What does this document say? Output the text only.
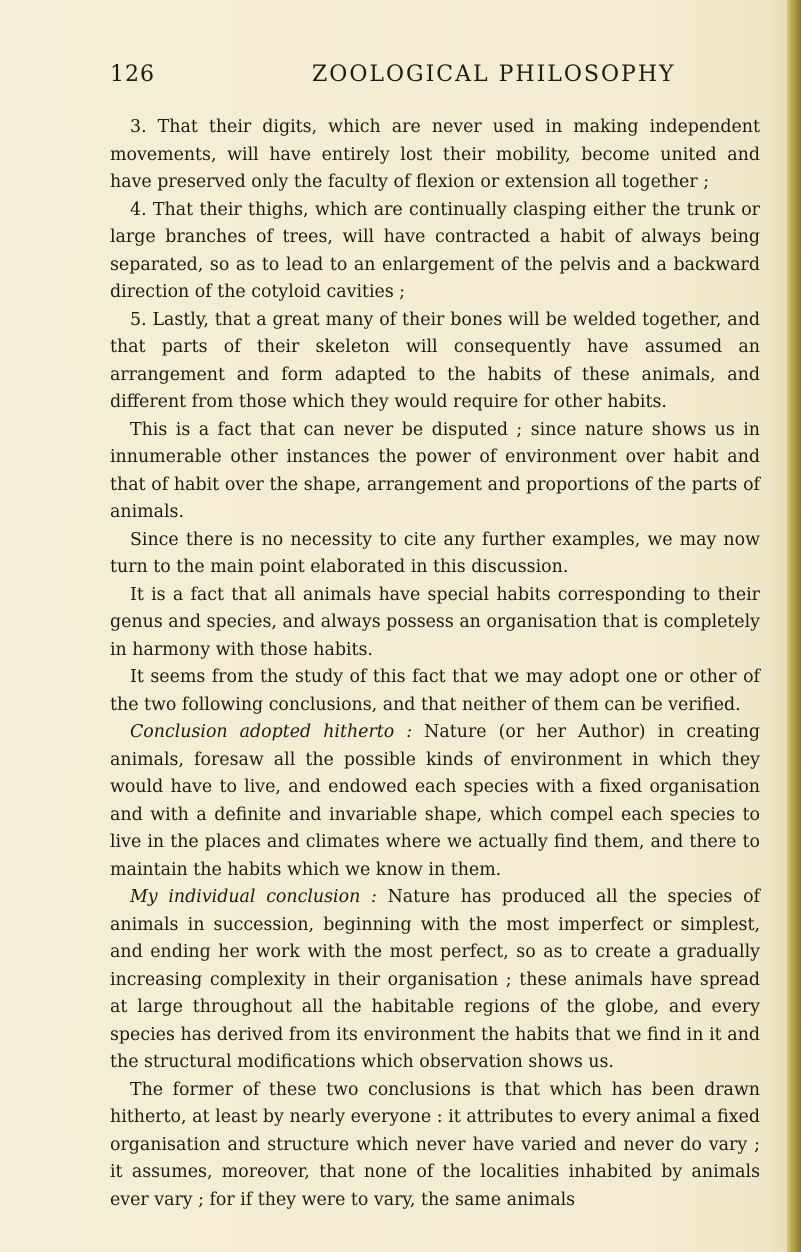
126	ZOOLOGICAL PHILOSOPHY

3. That their digits, which are never used in making independent movements, will have entirely lost their mobility, become united and have preserved only the faculty of flexion or extension all together ;

4. That their thighs, which are continually clasping either the trunk or large branches of trees, will have contracted a habit of always being separated, so as to lead to an enlargement of the pelvis and a backward direction of the cotyloid cavities ;

5. Lastly, that a great many of their bones will be welded together, and that parts of their skeleton will consequently have assumed an arrangement and form adapted to the habits of these animals, and different from those which they would require for other habits.

This is a fact that can never be disputed ; since nature shows us in innumerable other instances the power of environment over habit and that of habit over the shape, arrangement and proportions of the parts of animals.

Since there is no necessity to cite any further examples, we may now turn to the main point elaborated in this discussion.

It is a fact that all animals have special habits corresponding to their genus and species, and always possess an organisation that is completely in harmony with those habits.

It seems from the study of this fact that we may adopt one or other of the two following conclusions, and that neither of them can be verified.

Conclusion adopted hitherto : Nature (or her Author) in creating animals, foresaw all the possible kinds of environment in which they would have to live, and endowed each species with a fixed organisation and with a definite and invariable shape, which compel each species to live in the places and climates where we actually find them, and there to maintain the habits which we know in them.

My individual conclusion : Nature has produced all the species of animals in succession, beginning with the most imperfect or simplest, and ending her work with the most perfect, so as to create a gradually increasing complexity in their organisation ; these animals have spread at large throughout all the habitable regions of the globe, and every species has derived from its environment the habits that we find in it and the structural modifications which observation shows us.

The former of these two conclusions is that which has been drawn hitherto, at least by nearly everyone : it attributes to every animal a fixed organisation and structure which never have varied and never do vary ; it assumes, moreover, that none of the localities inhabited by animals ever vary ; for if they were to vary, the same animals
